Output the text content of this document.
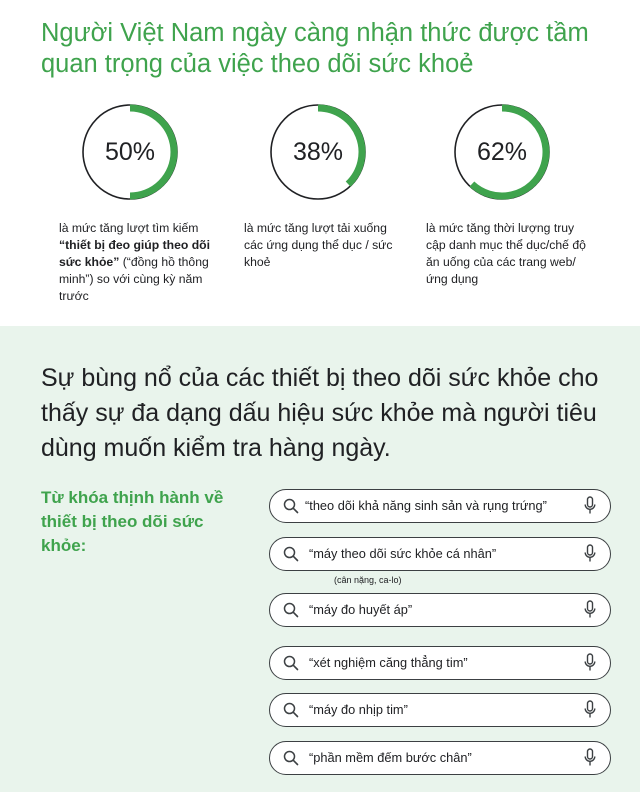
Người Việt Nam ngày càng nhận thức được tầm quan trọng của việc theo dõi sức khoẻ
50%
là mức tăng lượt tìm kiếm “thiết bị đeo giúp theo dõi sức khỏe” (“đồng hồ thông minh”) so với cùng kỳ năm trước
38%
là mức tăng lượt tải xuống các ứng dụng thể dục / sức khoẻ
62%
là mức tăng thời lượng truy cập danh mục thể dục/chế độ ăn uống của các trang web/ứng dụng

Sự bùng nổ của các thiết bị theo dõi sức khỏe cho thấy sự đa dạng dấu hiệu sức khỏe mà người tiêu dùng muốn kiểm tra hàng ngày.

Từ khóa thịnh hành về thiết bị theo dõi sức khỏe:
“theo dõi khả năng sinh sản và rụng trứng”
“máy theo dõi sức khỏe cá nhân”
(cân nặng, ca-lo)
“máy đo huyết áp”
“xét nghiệm căng thẳng tim”
“máy đo nhịp tim”
“phần mềm đếm bước chân”
